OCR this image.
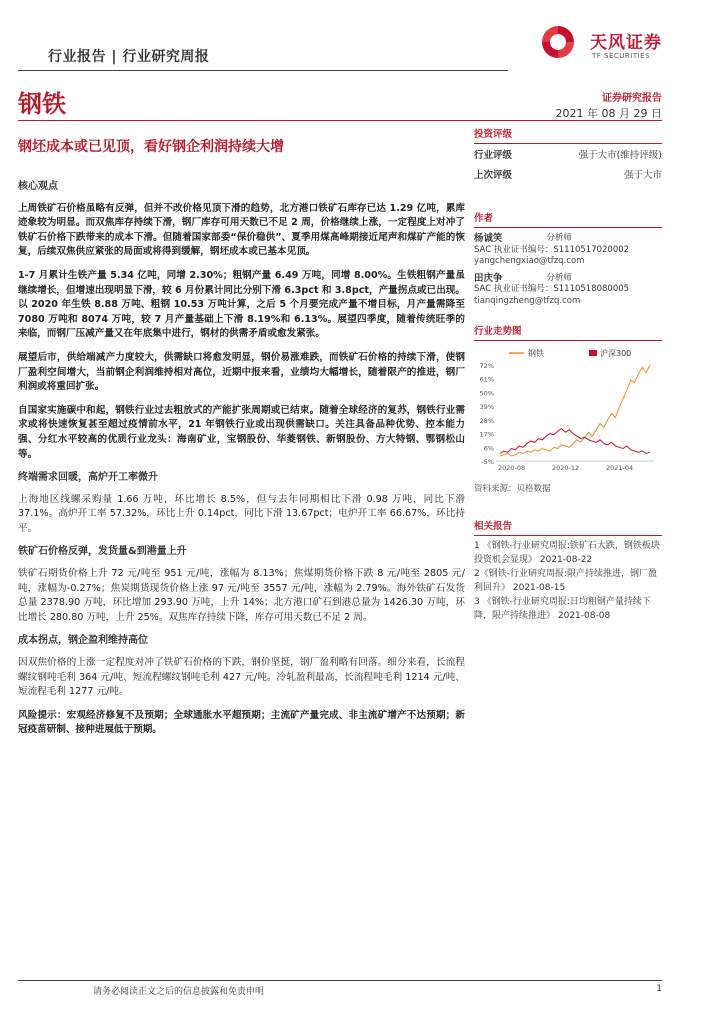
行业报告 | 行业研究周报
天风证券
TF SECURITIES
钢铁	证券研究报告
2021 年 08 月 29 日
钢坯成本或已见顶，看好钢企利润持续大增
核心观点
上周铁矿石价格虽略有反弹，但并不改价格见顶下滑的趋势，北方港口铁矿石库存已达 1.29 亿吨，累库迹象较为明显。而双焦库存持续下滑，钢厂库存可用天数已不足 2 周，价格继续上涨，一定程度上对冲了铁矿石价格下跌带来的成本下滑。但随着国家部委“保价稳供”、夏季用煤高峰期接近尾声和煤矿产能的恢复，后续双焦供应紧张的局面或将得到缓解，钢坯成本或已基本见顶。
1-7 月累计生铁产量 5.34 亿吨，同增 2.30%；粗钢产量 6.49 万吨，同增 8.00%。生铁粗钢产量虽继续增长，但增速出现明显下滑，较 6 月份累计同比分别下滑 6.3pct 和 3.8pct，产量拐点或已出现。以 2020 年生铁 8.88 万吨、粗钢 10.53 万吨计算，之后 5 个月要完成产量不增目标，月产量需降至 7080 万吨和 8074 万吨，较 7 月产量基础上下滑 8.19%和 6.13%。展望四季度，随着传统旺季的来临，而钢厂压减产量又在年底集中进行，钢材的供需矛盾或愈发紧张。
展望后市，供给端减产力度较大，供需缺口将愈发明显，钢价易涨难跌，而铁矿石价格的持续下滑，使钢厂盈利空间增大，当前钢企利润维持相对高位，近期中报来看，业绩均大幅增长，随着限产的推进，钢厂利润或将重回扩张。
自国家实施碳中和起，钢铁行业过去粗放式的产能扩张周期或已结束。随着全球经济的复苏，钢铁行业需求或将快速恢复甚至超过疫情前水平，21 年钢铁行业或出现供需缺口。关注具备品种优势、控本能力强、分红水平较高的优质行业龙头：海南矿业，宝钢股份、华菱钢铁、新钢股份、方大特钢、鄂钢松山等。
终端需求回暖，高炉开工率微升
上海地区线螺采购量 1.66 万吨，环比增长 8.5%，但与去年同期相比下滑 0.98 万吨，同比下滑 37.1%。高炉开工率 57.32%，环比上升 0.14pct，同比下滑 13.67pct；电炉开工率 66.67%，环比持平。
铁矿石价格反弹，发货量&到港量上升
铁矿石期货价格上升 72 元/吨至 951 元/吨，涨幅为 8.13%；焦煤期货价格下跌 8 元/吨至 2805 元/吨，涨幅为-0.27%；焦炭期货现货价格上涨 97 元/吨至 3557 元/吨，涨幅为 2.79%。海外铁矿石发货总量 2378.90 万吨，环比增加 293.90 万吨，上升 14%；北方港口矿石到港总量为 1426.30 万吨，环比增长 280.80 万吨，上升 25%。双焦库存持续下降，库存可用天数已不足 2 周。
成本拐点，钢企盈利维持高位
因双焦价格的上涨一定程度对冲了铁矿石价格的下跌，钢价坚挺，钢厂盈利略有回落。细分来看，长流程螺纹钢吨毛利 364 元/吨、短流程螺纹钢吨毛利 427 元/吨。冷轧盈利最高，长流程吨毛利 1214 元/吨、短流程毛利 1277 元/吨。
风险提示：宏观经济修复不及预期；全球通胀水平超预期；主流矿产量完成、非主流矿增产不达预期；新冠疫苗研制、接种进展低于预期。
投资评级
行业评级	强于大市(维持评级)
上次评级	强于大市
作者
杨诚笑	分析师
SAC 执业证书编号：S1110517020002
yangchengxiao@tfzq.com
田庆争	分析师
SAC 执业证书编号：S1110518080005
tianqingzheng@tfzq.com
行业走势图
钢铁	沪深300
72%
61%
50%
39%
28%
17%
6%
-5%
2020-08	2020-12	2021-04
资料来源：贝格数据
相关报告
1 《钢铁-行业研究周报:铁矿石大跌，钢铁板块投资机会显现》 2021-08-22
2《钢铁-行业研究周报:限产持续推进，钢厂盈利回升》 2021-08-15
3 《钢铁-行业研究周报:日均粗钢产量持续下降，限产持续推进》 2021-08-08
请务必阅读正文之后的信息披露和免责申明	1
